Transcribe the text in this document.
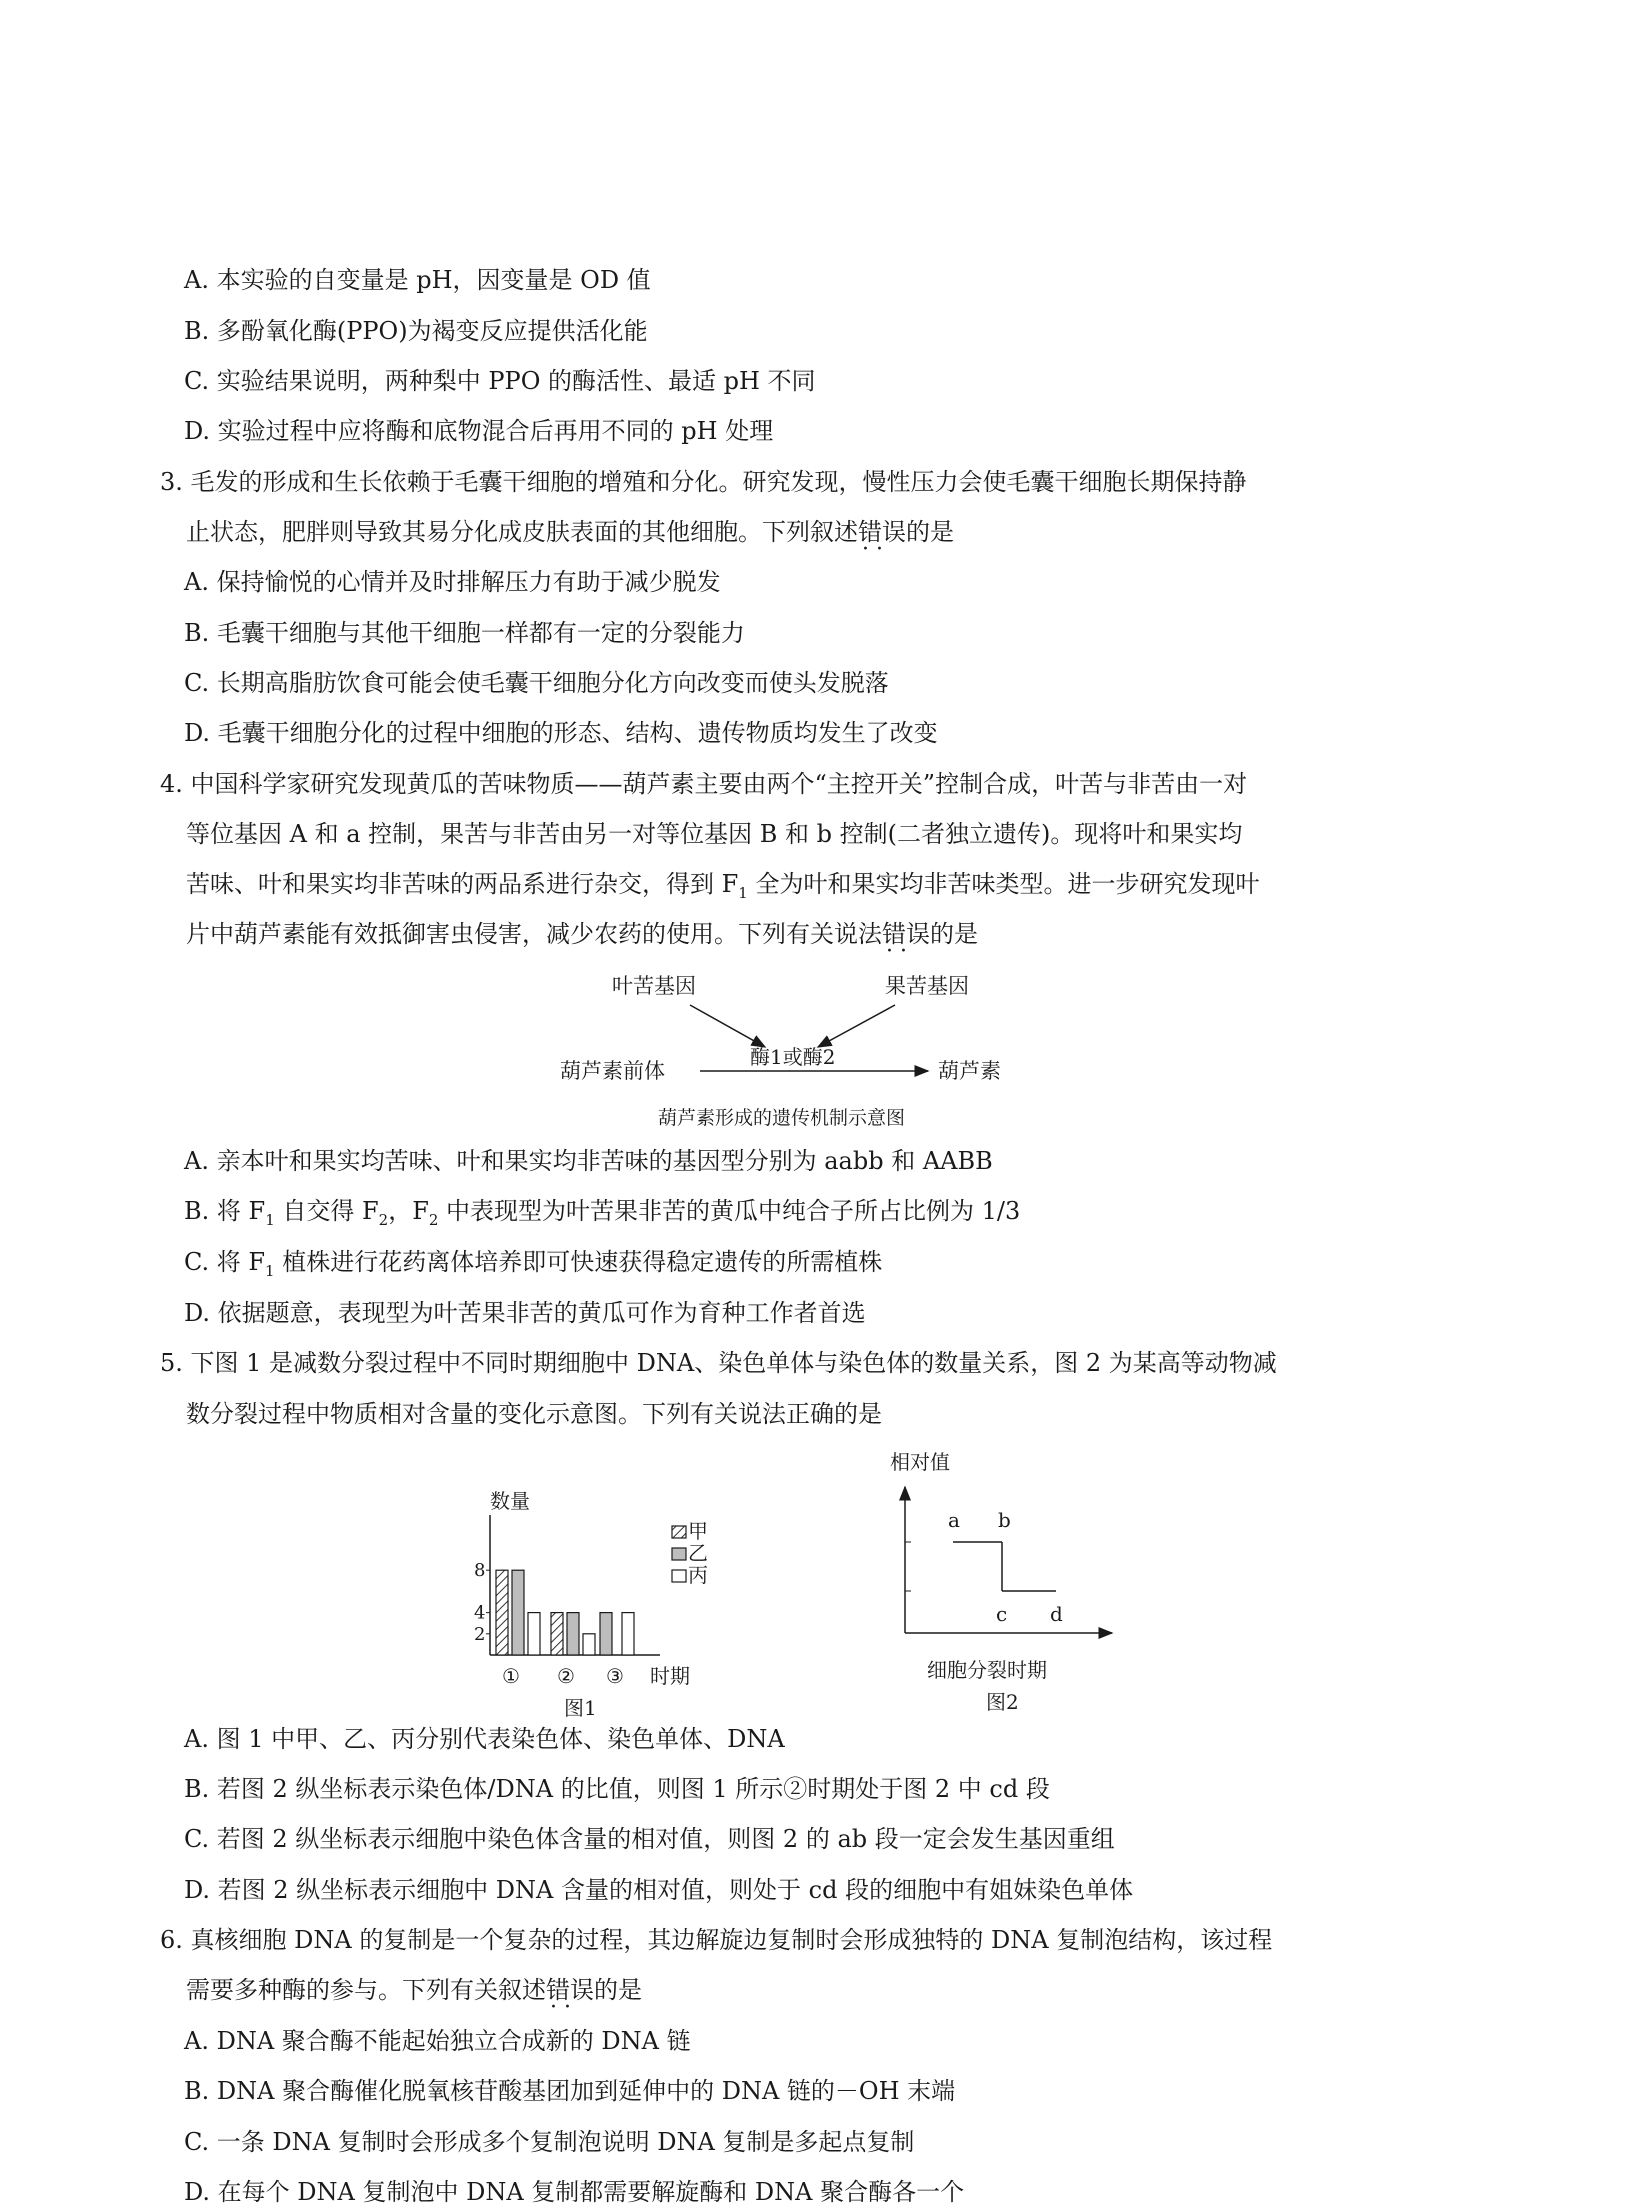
A. 本实验的自变量是 pH，因变量是 OD 值
B. 多酚氧化酶(PPO)为褐变反应提供活化能
C. 实验结果说明，两种梨中 PPO 的酶活性、最适 pH 不同
D. 实验过程中应将酶和底物混合后再用不同的 pH 处理
3. 毛发的形成和生长依赖于毛囊干细胞的增殖和分化。研究发现，慢性压力会使毛囊干细胞长期保持静
止状态，肥胖则导致其易分化成皮肤表面的其他细胞。下列叙述错误 · ·的是
A. 保持愉悦的心情并及时排解压力有助于减少脱发
B. 毛囊干细胞与其他干细胞一样都有一定的分裂能力
C. 长期高脂肪饮食可能会使毛囊干细胞分化方向改变而使头发脱落
D. 毛囊干细胞分化的过程中细胞的形态、结构、遗传物质均发生了改变
4. 中国科学家研究发现黄瓜的苦味物质——葫芦素主要由两个“主控开关”控制合成，叶苦与非苦由一对
等位基因 A 和 a 控制，果苦与非苦由另一对等位基因 B 和 b 控制(二者独立遗传)。现将叶和果实均
苦味、叶和果实均非苦味的两品系进行杂交，得到 $F_1$ 全为叶和果实均非苦味类型。进一步研究发现叶
片中葫芦素能有效抵御害虫侵害，减少农药的使用。下列有关说法错误 · ·的是
叶苦基因	果苦基因
酶1或酶2
葫芦素前体	葫芦素
葫芦素形成的遗传机制示意图
A. 亲本叶和果实均苦味、叶和果实均非苦味的基因型分别为 aabb 和 AABB
B. 将 $F_1$ 自交得 $F_2$，$F_2$ 中表现型为叶苦果非苦的黄瓜中纯合子所占比例为 1/3
C. 将 $F_1$ 植株进行花药离体培养即可快速获得稳定遗传的所需植株
D. 依据题意，表现型为叶苦果非苦的黄瓜可作为育种工作者首选
5. 下图 1 是减数分裂过程中不同时期细胞中 DNA、染色单体与染色体的数量关系，图 2 为某高等动物减
数分裂过程中物质相对含量的变化示意图。下列有关说法正确的是
数量
8
4
2
① ② ③ 时期
图1
甲
乙
丙
相对值
a b
c d
细胞分裂时期
图2
A. 图 1 中甲、乙、丙分别代表染色体、染色单体、DNA
B. 若图 2 纵坐标表示染色体/DNA 的比值，则图 1 所示②时期处于图 2 中 cd 段
C. 若图 2 纵坐标表示细胞中染色体含量的相对值，则图 2 的 ab 段一定会发生基因重组
D. 若图 2 纵坐标表示细胞中 DNA 含量的相对值，则处于 cd 段的细胞中有姐妹染色单体
6. 真核细胞 DNA 的复制是一个复杂的过程，其边解旋边复制时会形成独特的 DNA 复制泡结构，该过程
需要多种酶的参与。下列有关叙述错误 · ·的是
A. DNA 聚合酶不能起始独立合成新的 DNA 链
B. DNA 聚合酶催化脱氧核苷酸基团加到延伸中的 DNA 链的－OH 末端
C. 一条 DNA 复制时会形成多个复制泡说明 DNA 复制是多起点复制
D. 在每个 DNA 复制泡中 DNA 复制都需要解旋酶和 DNA 聚合酶各一个
